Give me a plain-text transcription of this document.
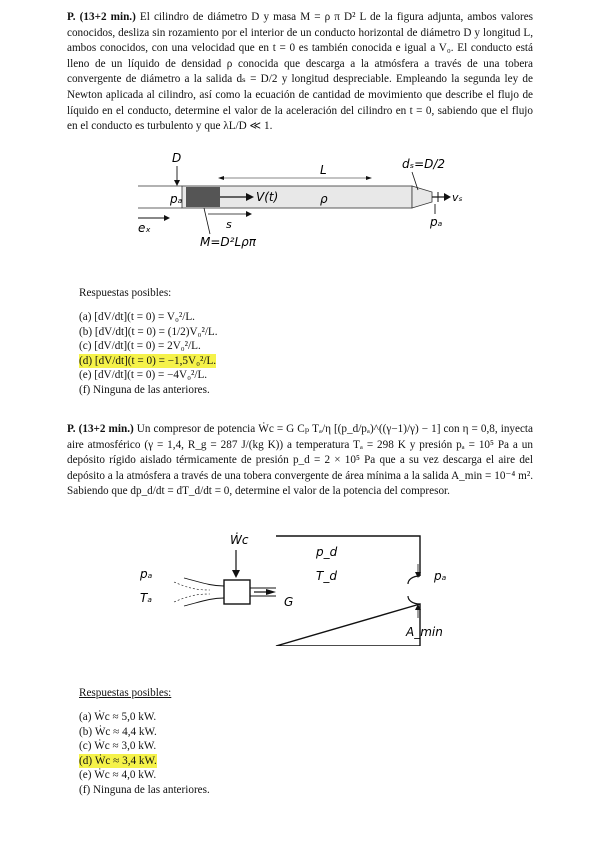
P. (13+2 min.) El cilindro de diámetro D y masa M = ρ π D² L de la figura adjunta, ambos valores conocidos, desliza sin rozamiento por el interior de un conducto horizontal de diámetro D y longitud L, ambos conocidos, con una velocidad que en t = 0 es también conocida e igual a V₀. El conducto está lleno de un líquido de densidad ρ conocida que descarga a la atmósfera a través de una tobera convergente de diámetro a la salida dₛ = D/2 y longitud despreciable. Empleando la segunda ley de Newton aplicada al cilindro, así como la ecuación de cantidad de movimiento que describe el flujo de líquido en el conducto, determine el valor de la aceleración del cilindro en t = 0, sabiendo que el flujo en el conducto es turbulento y que λL/D ≪ 1.
V(t)	ρ
D
pₐ
L	dₛ=D/2
vₛ
pₐ
eₓ	s
M=D²Lρπ
Respuestas posibles:
(a) [dV/dt](t = 0) = V₀²/L.
(b) [dV/dt](t = 0) = (1/2)V₀²/L.
(c) [dV/dt](t = 0) = 2V₀²/L.
(d) [dV/dt](t = 0) = −1,5V₀²/L.
(e) [dV/dt](t = 0) = −4V₀²/L.
(f) Ninguna de las anteriores.
P. (13+2 min.) Un compresor de potencia Ẇc = G Cₚ Tₐ/η [(p_d/pₐ)^((γ−1)/γ) − 1] con η = 0,8, inyecta aire atmosférico (γ = 1,4, R_g = 287 J/(kg K)) a temperatura Tₐ = 298 K y presión pₐ = 10⁵ Pa a un depósito rígido aislado térmicamente de presión p_d = 2 × 10⁵ Pa que a su vez descarga el aire del depósito a la atmósfera a través de una tobera convergente de área mínima a la salida A_min = 10⁻⁴ m². Sabiendo que dp_d/dt = dT_d/dt = 0, determine el valor de la potencia del compresor.
Ẇc
pₐ
Tₐ	G
p_d
T_d	pₐ
A_min
Respuestas posibles:
(a) Ẇc ≈ 5,0 kW.
(b) Ẇc ≈ 4,4 kW.
(c) Ẇc ≈ 3,0 kW.
(d) Ẇc ≈ 3,4 kW.
(e) Ẇc ≈ 4,0 kW.
(f) Ninguna de las anteriores.
